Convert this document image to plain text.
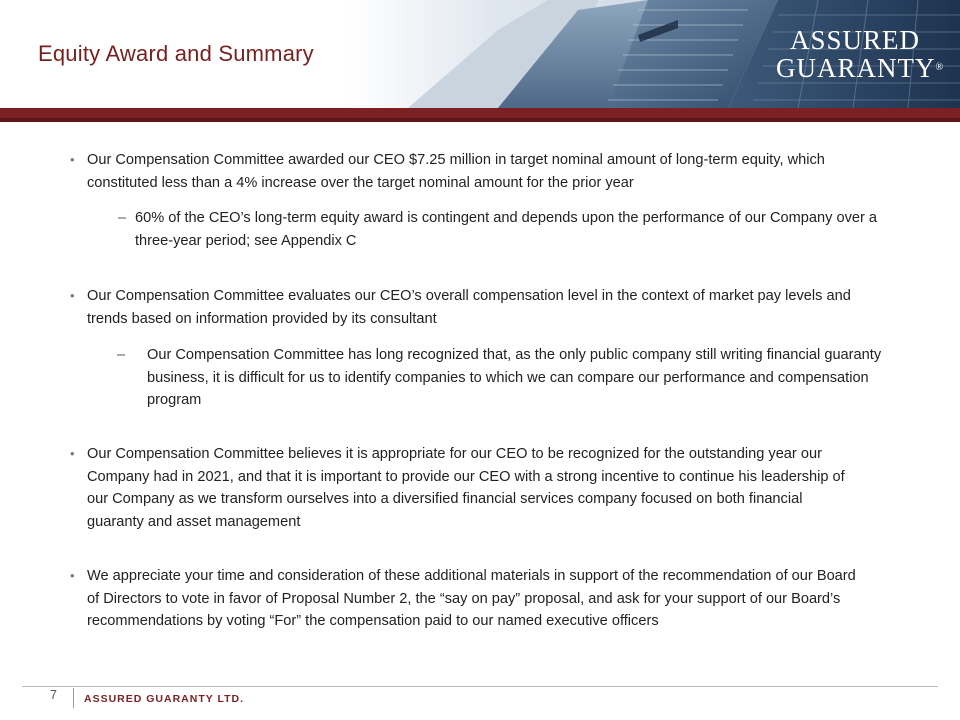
Equity Award and Summary	ASSURED
GUARANTY®
• Our Compensation Committee awarded our CEO $7.25 million in target nominal amount of long-term equity, which constituted less than a 4% increase over the target nominal amount for the prior year
– 60% of the CEO’s long-term equity award is contingent and depends upon the performance of our Company over a three-year period; see Appendix C
• Our Compensation Committee evaluates our CEO’s overall compensation level in the context of market pay levels and trends based on information provided by its consultant
– Our Compensation Committee has long recognized that, as the only public company still writing financial guaranty business, it is difficult for us to identify companies to which we can compare our performance and compensation program
• Our Compensation Committee believes it is appropriate for our CEO to be recognized for the outstanding year our Company had in 2021, and that it is important to provide our CEO with a strong incentive to continue his leadership of our Company as we transform ourselves into a diversified financial services company focused on both financial guaranty and asset management
• We appreciate your time and consideration of these additional materials in support of the recommendation of our Board of Directors to vote in favor of Proposal Number 2, the “say on pay” proposal, and ask for your support of our Board’s recommendations by voting “For” the compensation paid to our named executive officers
7	ASSURED GUARANTY LTD.
